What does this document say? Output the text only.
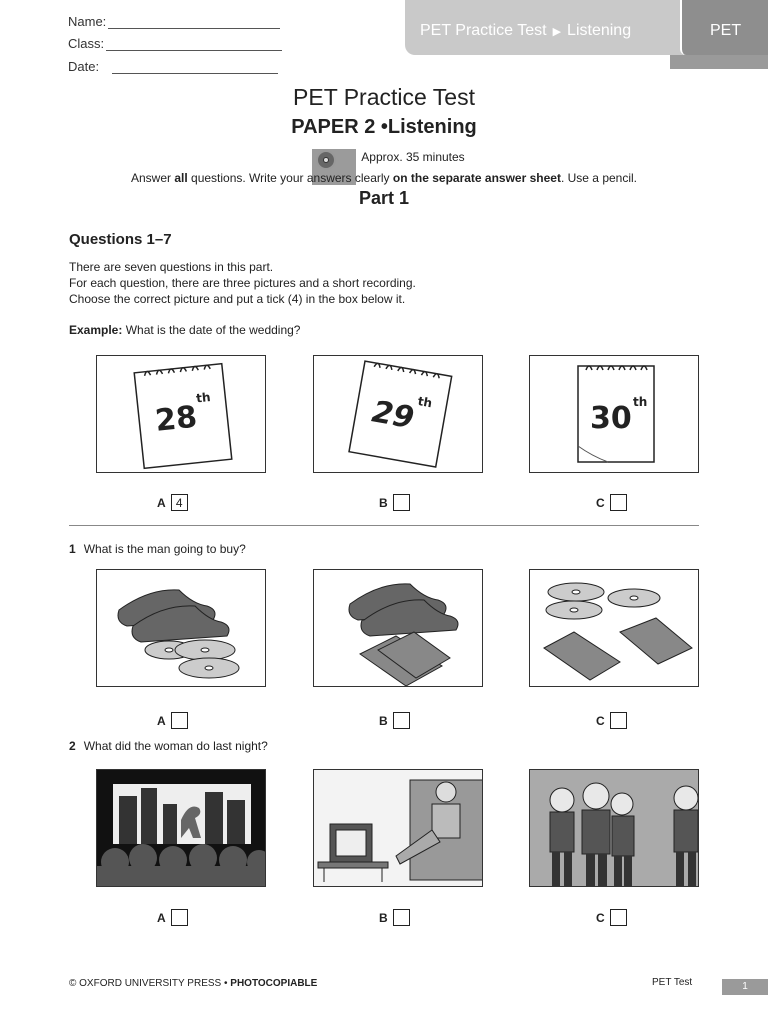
PET Practice Test ▶ Listening	PET
Name:
Class:
Date:
PET Practice Test
PAPER 2 •Listening
Approx. 35 minutes
Answer all questions. Write your answers clearly on the separate answer sheet. Use a pencil.
Part 1
Questions 1–7
There are seven questions in this part.
For each question, there are three pictures and a short recording.
Choose the correct picture and put a tick (4) in the box below it.
Example: What is the date of the wedding?
28
th	29 th	30 th
A 4	B	C
1 What is the man going to buy?
A	B	C
2 What did the woman do last night?
A	B	C
© OXFORD UNIVERSITY PRESS • PHOTOCOPIABLE	PET Test	1
